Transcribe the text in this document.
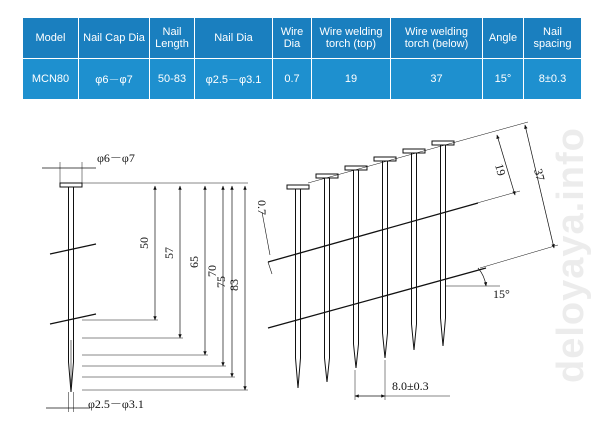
Model	Nail Cap Dia	Nail Length	Nail Dia	Wire Dia	Wire welding torch (top)	Wire welding torch (below)	Angle	Nail spacing
MCN80	φ6－φ7	50-83	φ2.5－φ3.1	0.7	19	37	15°	8±0.3
deloyaya.info
φ6－φ7
φ2.5－φ3.1
50
57
65
70
75 83
0.7
19 37
15°
8.0±0.3
